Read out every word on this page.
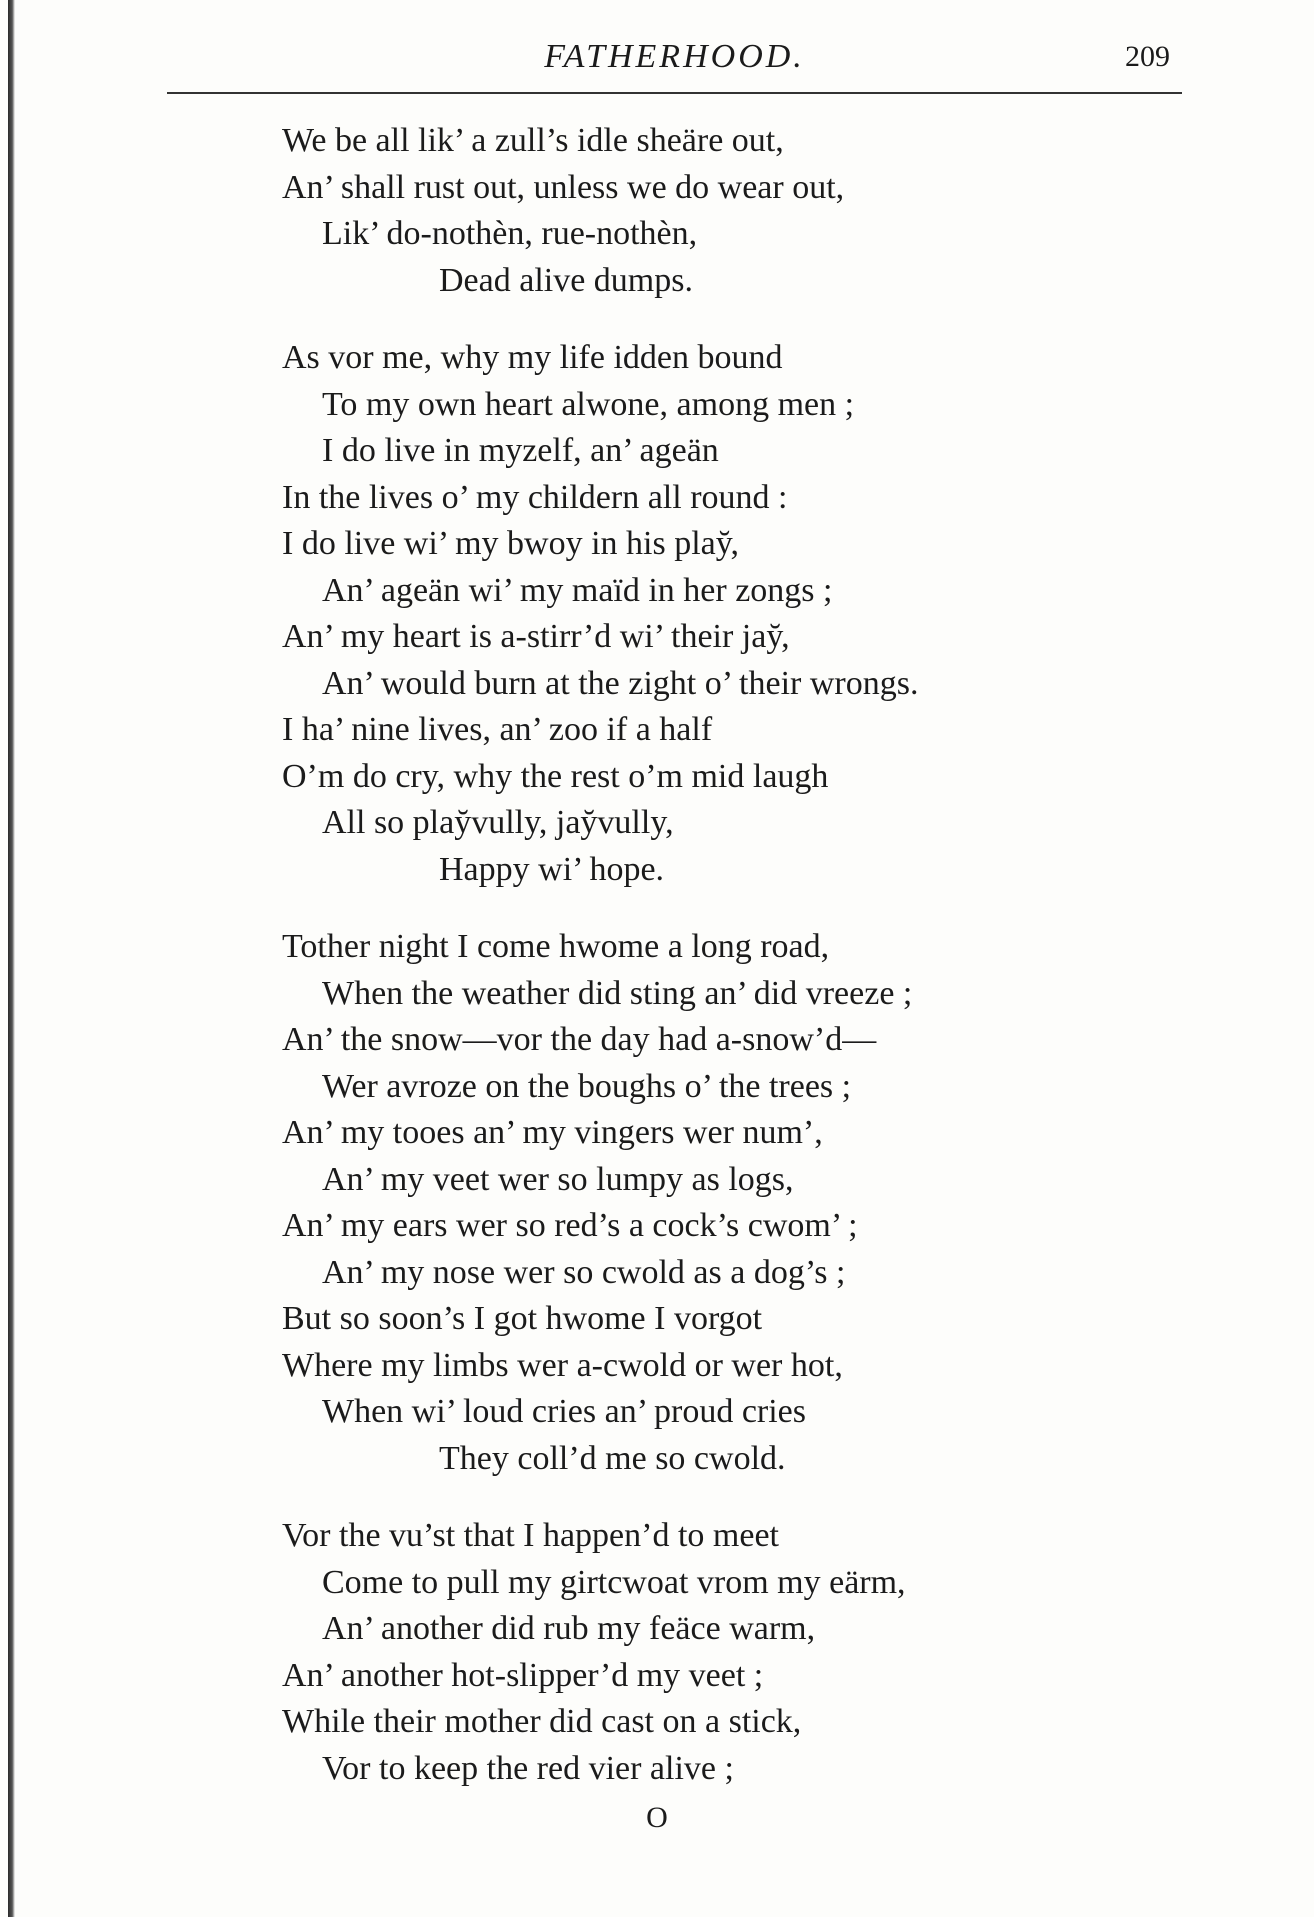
FATHERHOOD.	209
We be all lik’ a zull’s idle sheäre out,
An’ shall rust out, unless we do wear out,
Lik’ do-nothèn, rue-nothèn,
Dead alive dumps.
As vor me, why my life idden bound
To my own heart alwone, among men ;
I do live in myzelf, an’ ageän
In the lives o’ my childern all round :
I do live wi’ my bwoy in his play̆,
An’ ageän wi’ my maïd in her zongs ;
An’ my heart is a-stirr’d wi’ their jay̆,
An’ would burn at the zight o’ their wrongs.
I ha’ nine lives, an’ zoo if a half
O’m do cry, why the rest o’m mid laugh
All so play̆vully, jay̆vully,
Happy wi’ hope.
Tother night I come hwome a long road,
When the weather did sting an’ did vreeze ;
An’ the snow—vor the day had a-snow’d—
Wer avroze on the boughs o’ the trees ;
An’ my tooes an’ my vingers wer num’,
An’ my veet wer so lumpy as logs,
An’ my ears wer so red’s a cock’s cwom’ ;
An’ my nose wer so cwold as a dog’s ;
But so soon’s I got hwome I vorgot
Where my limbs wer a-cwold or wer hot,
When wi’ loud cries an’ proud cries
They coll’d me so cwold.
Vor the vu’st that I happen’d to meet
Come to pull my girtcwoat vrom my eärm,
An’ another did rub my feäce warm,
An’ another hot-slipper’d my veet ;
While their mother did cast on a stick,
Vor to keep the red vier alive ;
O
